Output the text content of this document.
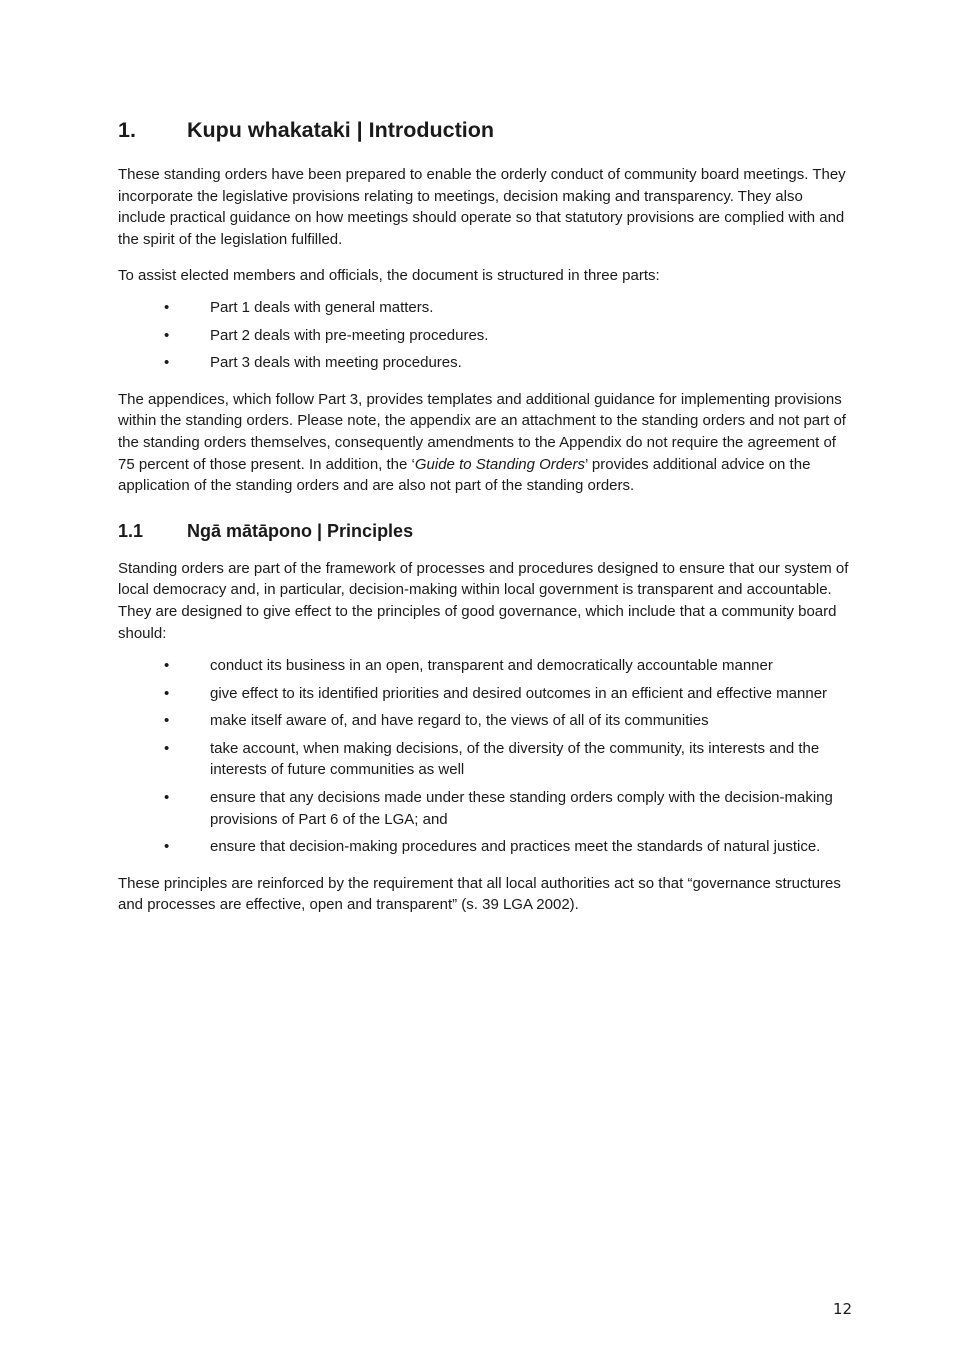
1.	Kupu whakataki | Introduction

These standing orders have been prepared to enable the orderly conduct of community board meetings. They incorporate the legislative provisions relating to meetings, decision making and transparency. They also include practical guidance on how meetings should operate so that statutory provisions are complied with and the spirit of the legislation fulfilled.

To assist elected members and officials, the document is structured in three parts:

•	Part 1 deals with general matters.
•	Part 2 deals with pre-meeting procedures.
•	Part 3 deals with meeting procedures.

The appendices, which follow Part 3, provides templates and additional guidance for implementing provisions within the standing orders. Please note, the appendix are an attachment to the standing orders and not part of the standing orders themselves, consequently amendments to the Appendix do not require the agreement of 75 percent of those present. In addition, the ‘Guide to Standing Orders’ provides additional advice on the application of the standing orders and are also not part of the standing orders.

1.1	Ngā mātāpono | Principles

Standing orders are part of the framework of processes and procedures designed to ensure that our system of local democracy and, in particular, decision-making within local government is transparent and accountable. They are designed to give effect to the principles of good governance, which include that a community board should:

•	conduct its business in an open, transparent and democratically accountable manner
•	give effect to its identified priorities and desired outcomes in an efficient and effective manner
•	make itself aware of, and have regard to, the views of all of its communities
•	take account, when making decisions, of the diversity of the community, its interests and the interests of future communities as well
•	ensure that any decisions made under these standing orders comply with the decision-making provisions of Part 6 of the LGA; and
•	ensure that decision-making procedures and practices meet the standards of natural justice.

These principles are reinforced by the requirement that all local authorities act so that “governance structures and processes are effective, open and transparent” (s. 39 LGA 2002).

12
